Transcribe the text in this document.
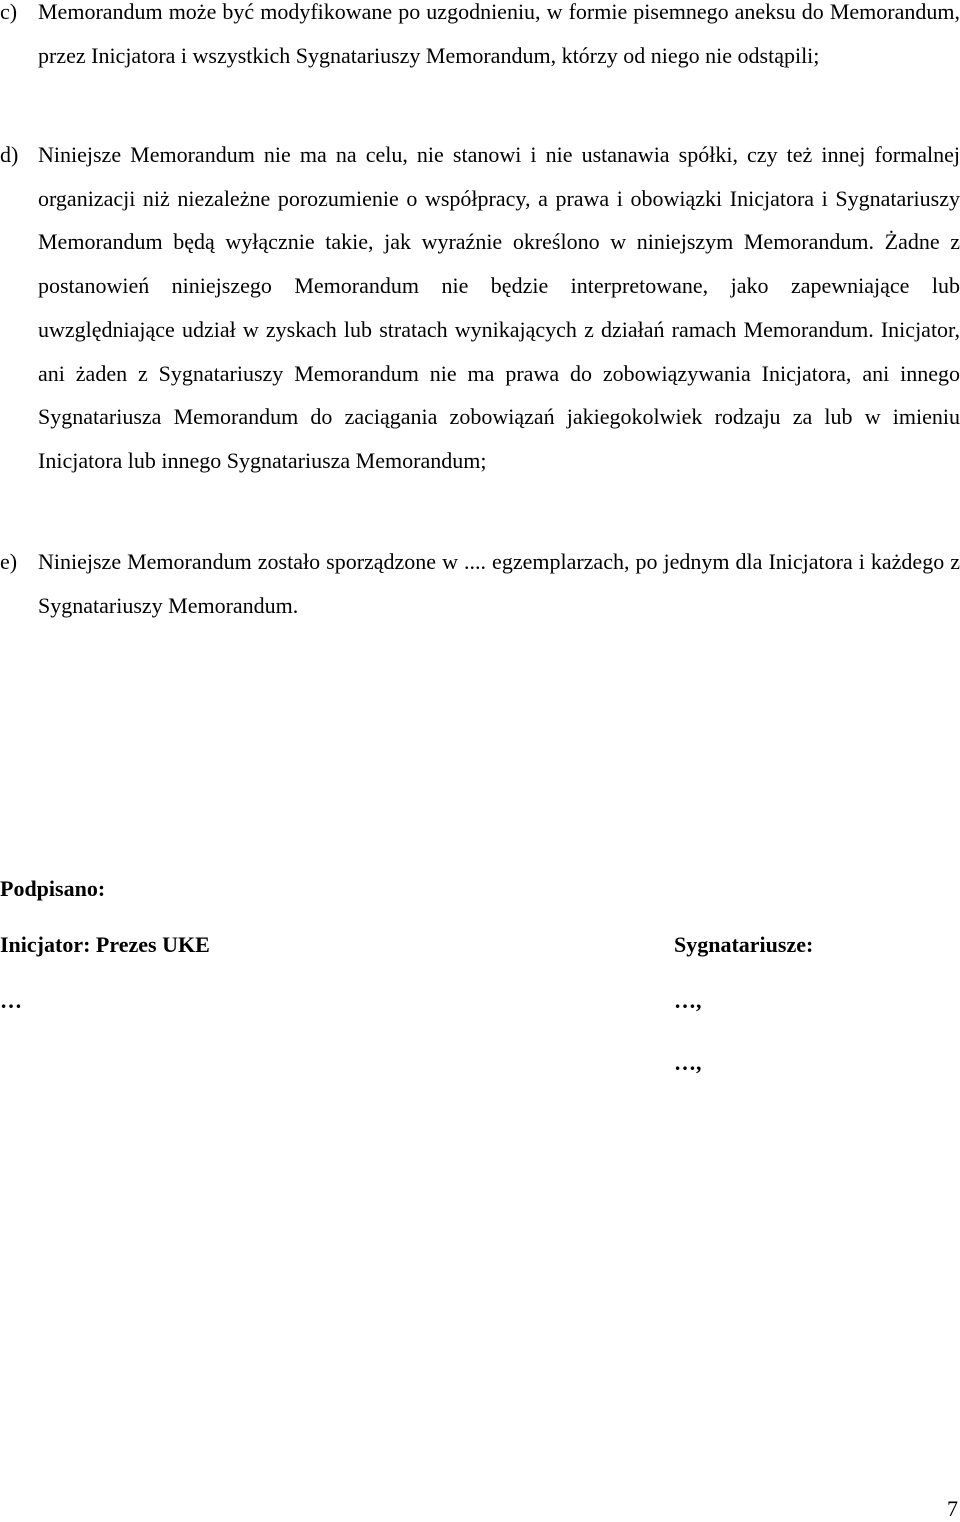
c) Memorandum może być modyfikowane po uzgodnieniu, w formie pisemnego aneksu do Memorandum, przez Inicjatora i wszystkich Sygnatariuszy Memorandum, którzy od niego nie odstąpili;
d) Niniejsze Memorandum nie ma na celu, nie stanowi i nie ustanawia spółki, czy też innej formalnej organizacji niż niezależne porozumienie o współpracy, a prawa i obowiązki Inicjatora i Sygnatariuszy Memorandum będą wyłącznie takie, jak wyraźnie określono w niniejszym Memorandum. Żadne z postanowień niniejszego Memorandum nie będzie interpretowane, jako zapewniające lub uwzględniające udział w zyskach lub stratach wynikających z działań ramach Memorandum. Inicjator, ani żaden z Sygnatariuszy Memorandum nie ma prawa do zobowiązywania Inicjatora, ani innego Sygnatariusza Memorandum do zaciągania zobowiązań jakiegokolwiek rodzaju za lub w imieniu Inicjatora lub innego Sygnatariusza Memorandum;
e) Niniejsze Memorandum zostało sporządzone w .... egzemplarzach, po jednym dla Inicjatora i każdego z Sygnatariuszy Memorandum.
Podpisano:
Inicjator: Prezes UKE	Sygnatariusze:
…	…,
…,
7
